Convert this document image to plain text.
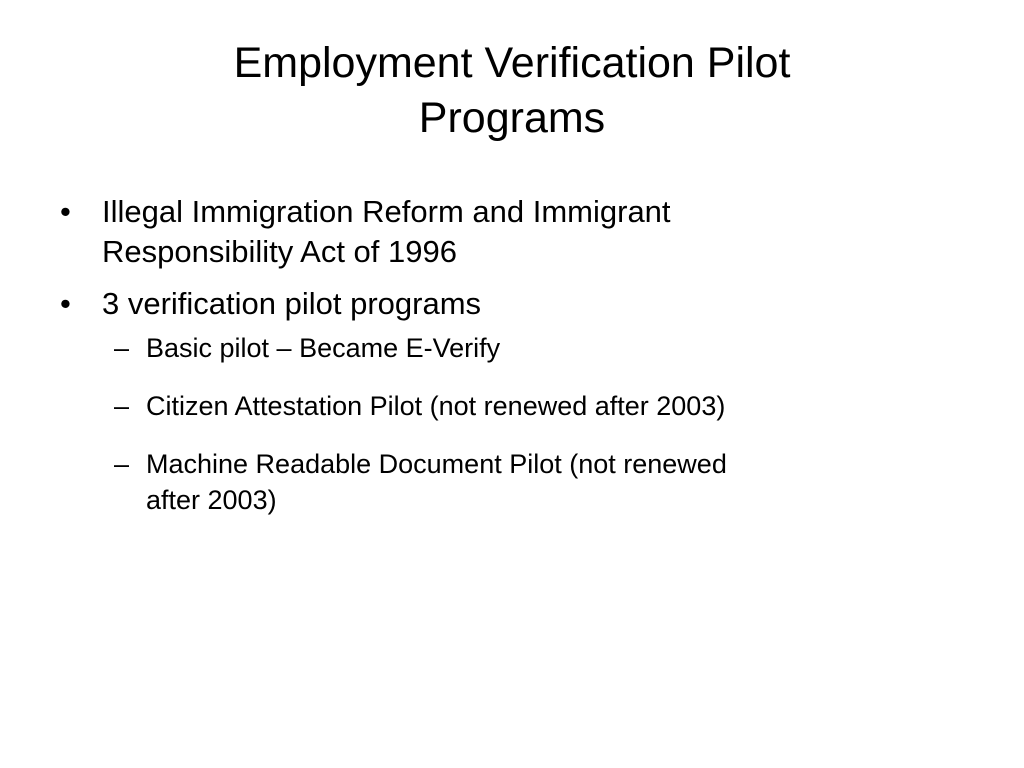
Employment Verification Pilot
Programs
•	Illegal Immigration Reform and Immigrant
Responsibility Act of 1996
•	3 verification pilot programs
– Basic pilot – Became E-Verify
– Citizen Attestation Pilot (not renewed after 2003)
– Machine Readable Document Pilot (not renewed
after 2003)
